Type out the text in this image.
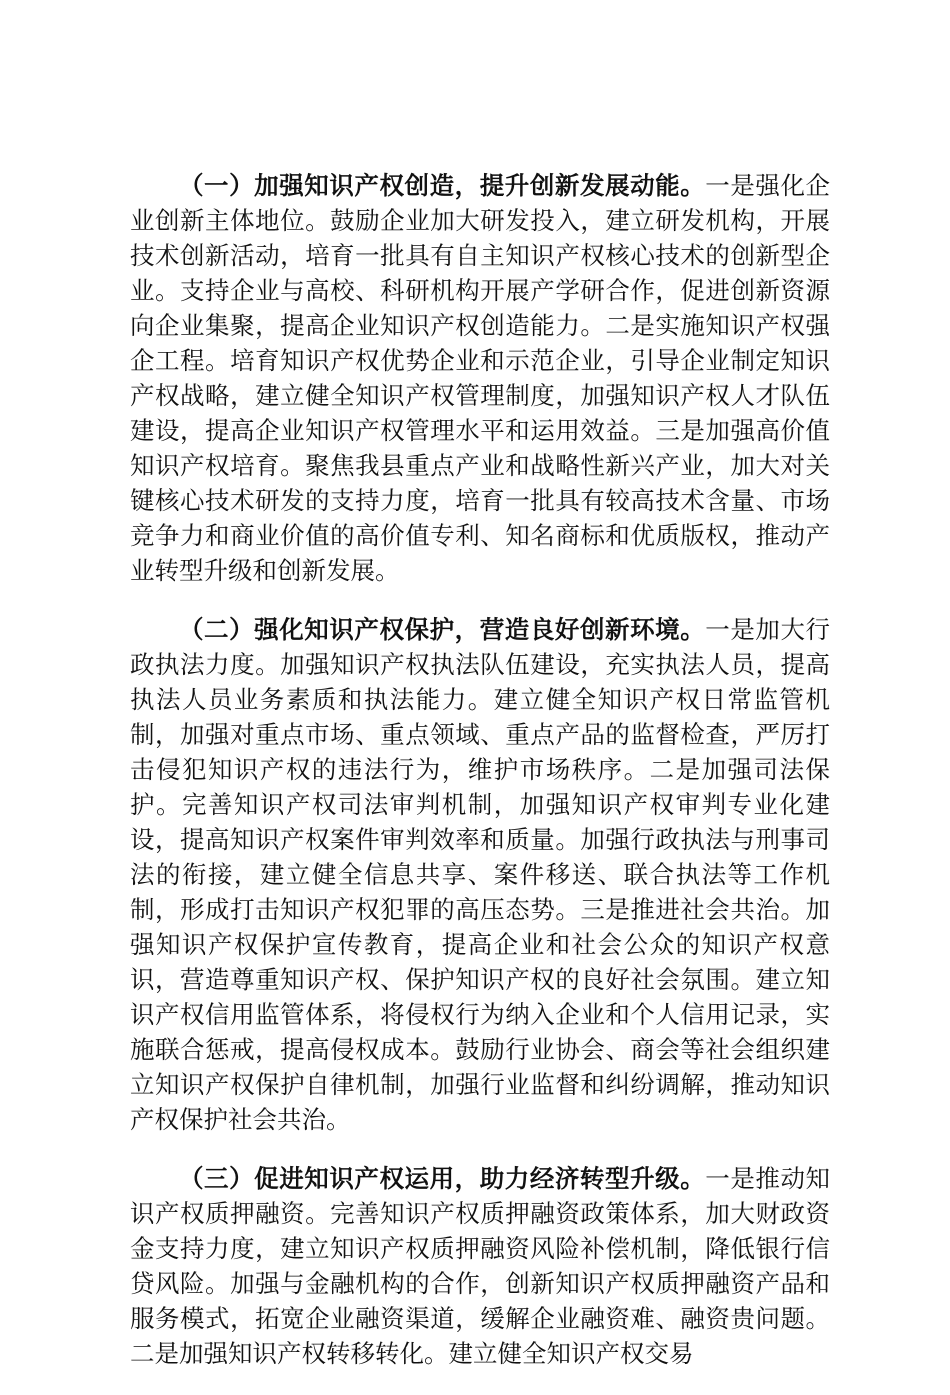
（一）加强知识产权创造，提升创新发展动能。一是强化企业创新主体地位。鼓励企业加大研发投入，建立研发机构，开展技术创新活动，培育一批具有自主知识产权核心技术的创新型企业。支持企业与高校、科研机构开展产学研合作，促进创新资源向企业集聚，提高企业知识产权创造能力。二是实施知识产权强企工程。培育知识产权优势企业和示范企业，引导企业制定知识产权战略，建立健全知识产权管理制度，加强知识产权人才队伍建设，提高企业知识产权管理水平和运用效益。三是加强高价值知识产权培育。聚焦我县重点产业和战略性新兴产业，加大对关键核心技术研发的支持力度，培育一批具有较高技术含量、市场竞争力和商业价值的高价值专利、知名商标和优质版权，推动产业转型升级和创新发展。

（二）强化知识产权保护，营造良好创新环境。一是加大行政执法力度。加强知识产权执法队伍建设，充实执法人员，提高执法人员业务素质和执法能力。建立健全知识产权日常监管机制，加强对重点市场、重点领域、重点产品的监督检查，严厉打击侵犯知识产权的违法行为，维护市场秩序。二是加强司法保护。完善知识产权司法审判机制，加强知识产权审判专业化建设，提高知识产权案件审判效率和质量。加强行政执法与刑事司法的衔接，建立健全信息共享、案件移送、联合执法等工作机制，形成打击知识产权犯罪的高压态势。三是推进社会共治。加强知识产权保护宣传教育，提高企业和社会公众的知识产权意识，营造尊重知识产权、保护知识产权的良好社会氛围。建立知识产权信用监管体系，将侵权行为纳入企业和个人信用记录，实施联合惩戒，提高侵权成本。鼓励行业协会、商会等社会组织建立知识产权保护自律机制，加强行业监督和纠纷调解，推动知识产权保护社会共治。

（三）促进知识产权运用，助力经济转型升级。一是推动知识产权质押融资。完善知识产权质押融资政策体系，加大财政资金支持力度，建立知识产权质押融资风险补偿机制，降低银行信贷风险。加强与金融机构的合作，创新知识产权质押融资产品和服务模式，拓宽企业融资渠道，缓解企业融资难、融资贵问题。二是加强知识产权转移转化。建立健全知识产权交易
